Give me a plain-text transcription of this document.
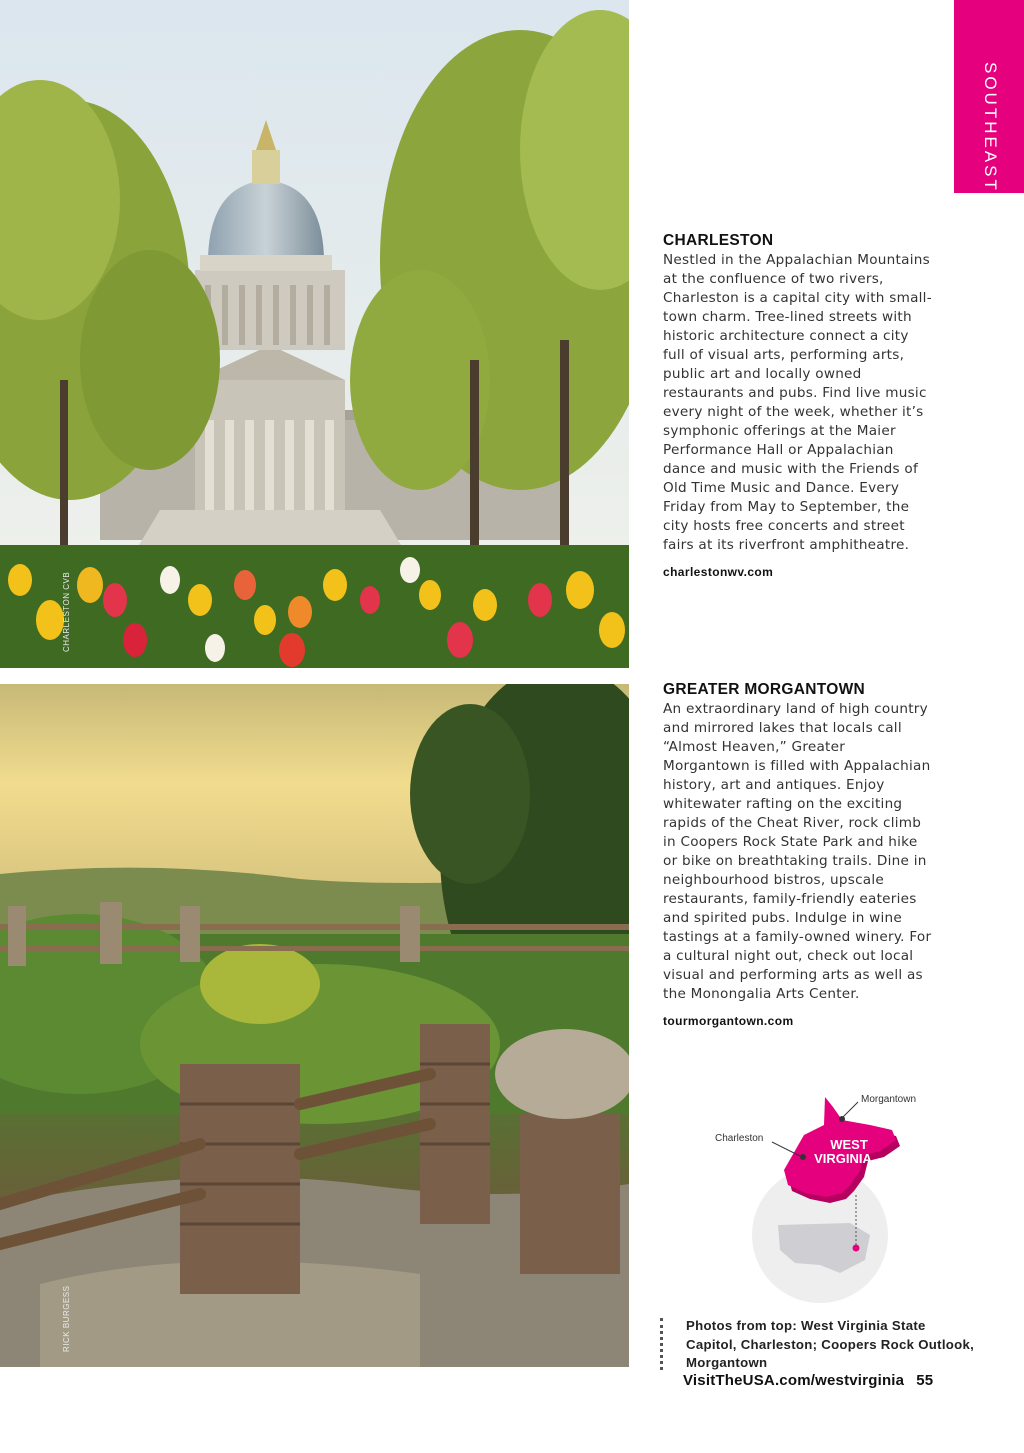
CHARLESTON CVB
RICK BURGESS
SOUTHEAST
CHARLESTON

Nestled in the Appalachian Mountains at the confluence of two rivers, Charleston is a capital city with small-town charm. Tree-lined streets with historic architecture connect a city full of visual arts, performing arts, public art and locally owned restaurants and pubs. Find live music every night of the week, whether it’s symphonic offerings at the Maier Performance Hall or Appalachian dance and music with the Friends of Old Time Music and Dance. Every Friday from May to September, the city hosts free concerts and street fairs at its riverfront amphitheatre.

charlestonwv.com
GREATER MORGANTOWN

An extraordinary land of high country and mirrored lakes that locals call “Almost Heaven,” Greater Morgantown is filled with Appalachian history, art and antiques. Enjoy whitewater rafting on the exciting rapids of the Cheat River, rock climb in Coopers Rock State Park and hike or bike on breathtaking trails. Dine in neighbourhood bistros, upscale restaurants, family-friendly eateries and spirited pubs. Indulge in wine tastings at a family-owned winery. For a cultural night out, check out local visual and performing arts as well as the Monongalia Arts Center.

tourmorgantown.com
WEST
VIRGINIA
Morgantown
Charleston
Photos from top: West Virginia State Capitol, Charleston; Coopers Rock Outlook, Morgantown
VisitTheUSA.com/westvirginia 55
